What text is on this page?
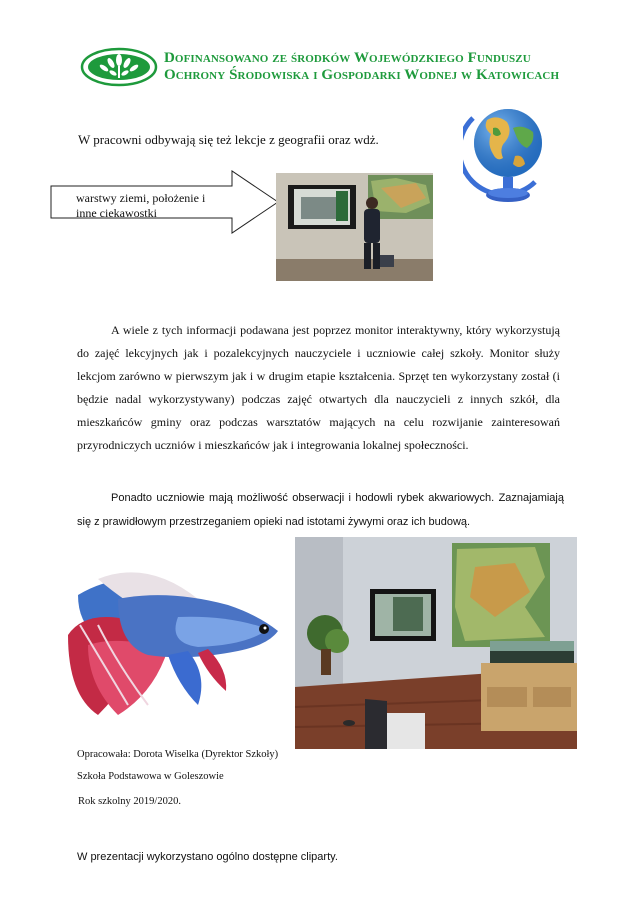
Dofinansowano ze środków Wojewódzkiego Funduszu
Ochrony Środowiska i Gospodarki Wodnej w Katowicach
W pracowni odbywają się też lekcje z geografii oraz wdż.
warstwy ziemi, położenie i inne ciekawostki
A wiele z tych informacji podawana jest poprzez monitor interaktywny, który wykorzystują do zajęć lekcyjnych jak i pozalekcyjnych nauczyciele i uczniowie całej szkoły. Monitor służy lekcjom zarówno w pierwszym jak i w drugim etapie kształcenia. Sprzęt ten wykorzystany został (i będzie nadal wykorzystywany) podczas zajęć otwartych dla nauczycieli z innych szkół, dla mieszkańców gminy oraz podczas warsztatów mających na celu rozwijanie zainteresowań przyrodniczych uczniów i mieszkańców jak i integrowania lokalnej społeczności.
Ponadto uczniowie mają możliwość obserwacji i hodowli rybek akwariowych. Zaznajamiają się z prawidłowym przestrzeganiem opieki nad istotami żywymi oraz ich budową.
Opracowała: Dorota Wiselka (Dyrektor Szkoły)
Szkoła Podstawowa w Goleszowie
Rok szkolny 2019/2020.
W prezentacji wykorzystano ogólno dostępne cliparty.
